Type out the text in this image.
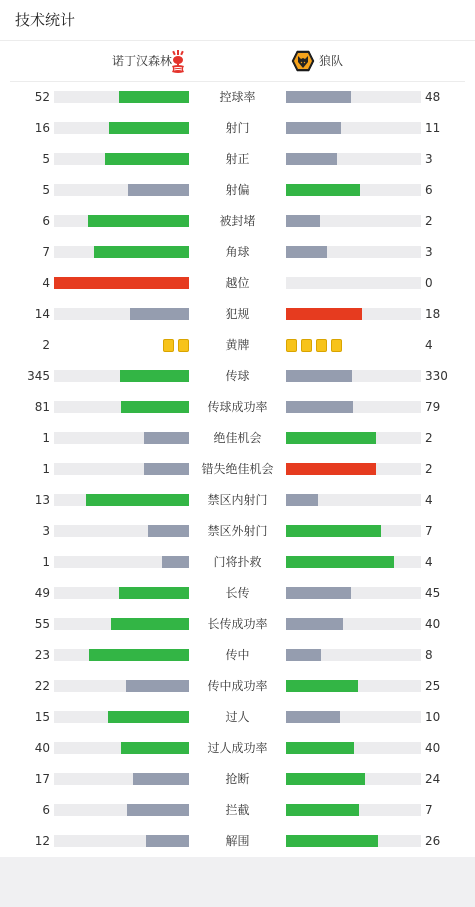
技术统计
诺丁汉森林	狼队
52	控球率	48
16	射门	11
5	射正	3
5	射偏	6
6	被封堵	2
7	角球	3
4	越位	0
14	犯规	18
2	黄牌	4
345	传球	330
81	传球成功率	79
1	绝佳机会	2
1	错失绝佳机会	2
13	禁区内射门	4
3	禁区外射门	7
1	门将扑救	4
49	长传	45
55	长传成功率	40
23	传中	8
22	传中成功率	25
15	过人	10
40	过人成功率	40
17	抢断	24
6	拦截	7
12	解围	26
